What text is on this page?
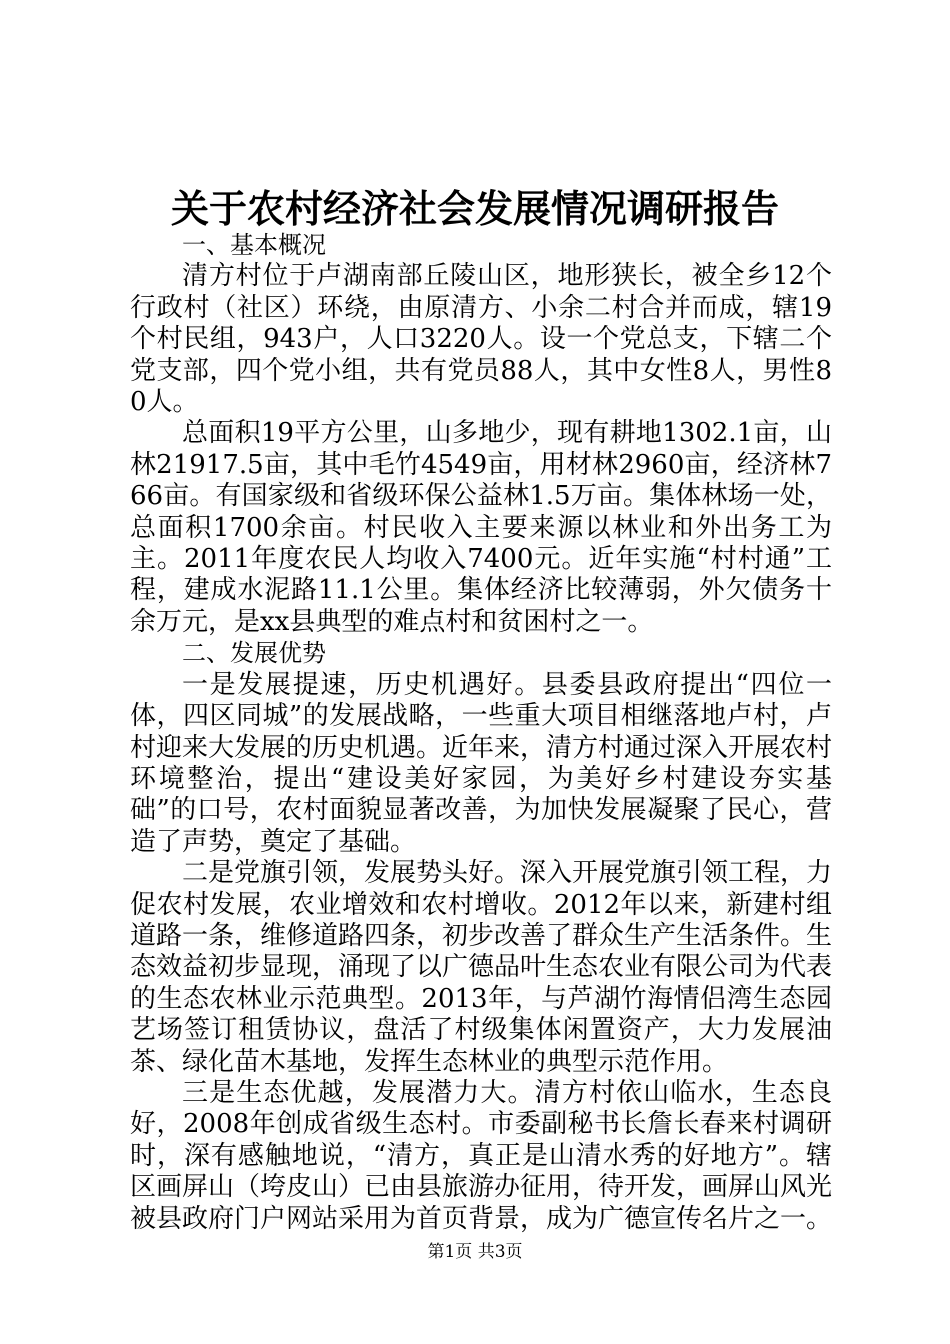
关于农村经济社会发展情况调研报告

一、基本概况

清方村位于卢湖南部丘陵山区，地形狭长，被全乡12个行政村（社区）环绕，由原清方、小余二村合并而成，辖19个村民组，943户，人口3220人。设一个党总支，下辖二个党支部，四个党小组，共有党员88人，其中女性8人，男性80人。

总面积19平方公里，山多地少，现有耕地1302.1亩，山林21917.5亩，其中毛竹4549亩，用材林2960亩，经济林766亩。有国家级和省级环保公益林1.5万亩。集体林场一处，总面积1700余亩。村民收入主要来源以林业和外出务工为主。2011年度农民人均收入7400元。近年实施“村村通”工程，建成水泥路11.1公里。集体经济比较薄弱，外欠债务十余万元，是xx县典型的难点村和贫困村之一。

二、发展优势

一是发展提速，历史机遇好。县委县政府提出“四位一体，四区同城”的发展战略，一些重大项目相继落地卢村，卢村迎来大发展的历史机遇。近年来，清方村通过深入开展农村环境整治，提出“建设美好家园，为美好乡村建设夯实基础”的口号，农村面貌显著改善，为加快发展凝聚了民心，营造了声势，奠定了基础。

二是党旗引领，发展势头好。深入开展党旗引领工程，力促农村发展，农业增效和农村增收。2012年以来，新建村组道路一条，维修道路四条，初步改善了群众生产生活条件。生态效益初步显现，涌现了以广德品叶生态农业有限公司为代表的生态农林业示范典型。2013年，与芦湖竹海情侣湾生态园艺场签订租赁协议，盘活了村级集体闲置资产，大力发展油茶、绿化苗木基地，发挥生态林业的典型示范作用。

三是生态优越，发展潜力大。清方村依山临水，生态良好，2008年创成省级生态村。市委副秘书长詹长春来村调研时，深有感触地说，“清方，真正是山清水秀的好地方”。辖区画屏山（垮皮山）已由县旅游办征用，待开发，画屏山风光被县政府门户网站采用为首页背景，成为广德宣传名片之一。

第1页 共3页
